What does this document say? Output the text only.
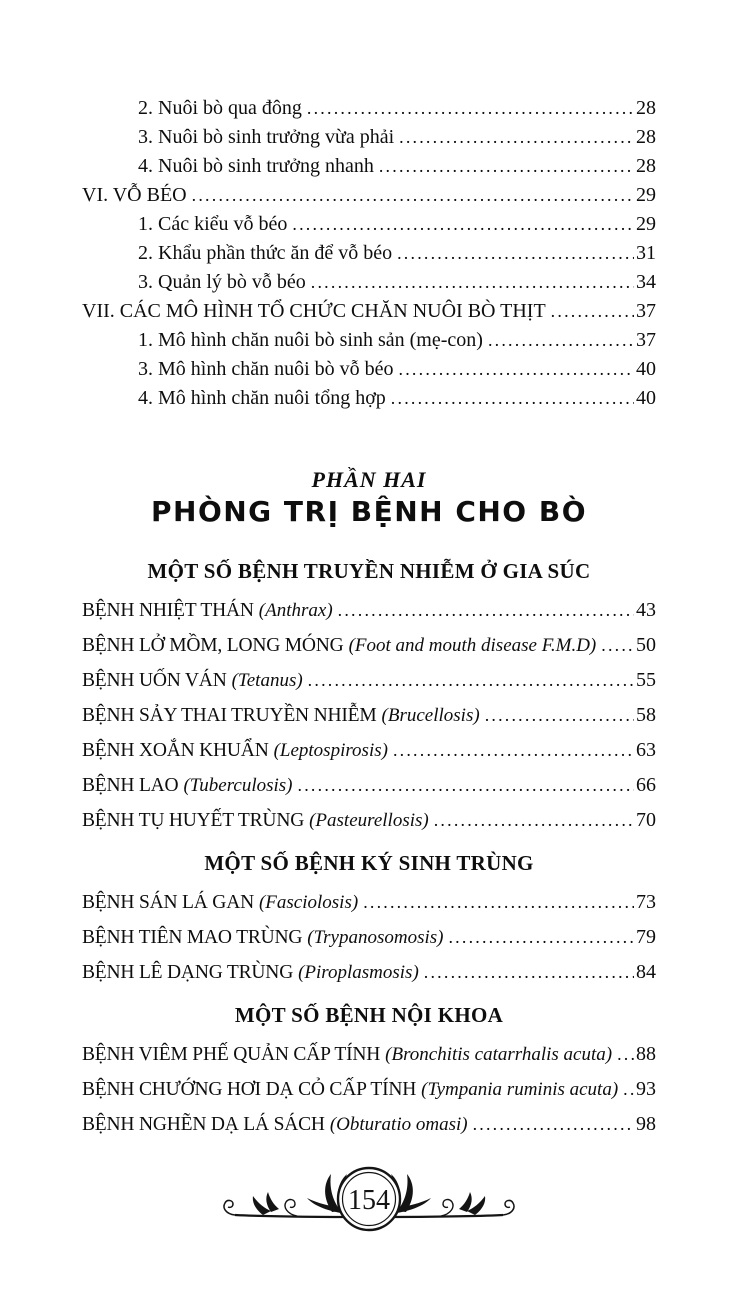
2. Nuôi bò qua đông .....	28
3. Nuôi bò sinh trưởng vừa phải .....	28
4. Nuôi bò sinh trưởng nhanh .....	28
VI. VỖ BÉO .....	29
1. Các kiểu vỗ béo .....	29
2. Khẩu phần thức ăn để vỗ béo .....	31
3. Quản lý bò vỗ béo .....	34
VII. CÁC MÔ HÌNH TỔ CHỨC CHĂN NUÔI BÒ THỊT .....	37
1. Mô hình chăn nuôi bò sinh sản (mẹ-con) .....	37
3. Mô hình chăn nuôi bò vỗ béo .....	40
4. Mô hình chăn nuôi tổng hợp .....	40
PHẦN HAI
PHÒNG TRỊ BỆNH CHO BÒ
MỘT SỐ BỆNH TRUYỀN NHIỄM Ở GIA SÚC
BỆNH NHIỆT THÁN (Anthrax) .....	43
BỆNH LỞ MỒM, LONG MÓNG (Foot and mouth disease F.M.D) ..... 50
BỆNH UỐN VÁN (Tetanus) .....	55
BỆNH SẢY THAI TRUYỀN NHIỄM (Brucellosis) .....	58
BỆNH XOẮN KHUẨN (Leptospirosis) .....	63
BỆNH LAO (Tuberculosis) .....	66
BỆNH TỤ HUYẾT TRÙNG (Pasteurellosis) .....	70
MỘT SỐ BỆNH KÝ SINH TRÙNG
BỆNH SÁN LÁ GAN (Fasciolosis) .....	73
BỆNH TIÊN MAO TRÙNG (Trypanosomosis) .....	79
BỆNH LÊ DẠNG TRÙNG (Piroplasmosis) .....	84
MỘT SỐ BỆNH NỘI KHOA
BỆNH VIÊM PHẾ QUẢN CẤP TÍNH (Bronchitis catarrhalis acuta) ..... 88
BỆNH CHƯỚNG HƠI DẠ CỎ CẤP TÍNH (Tympania ruminis acuta) ..... 93
BỆNH NGHẼN DẠ LÁ SÁCH (Obturatio omasi) .....	98
154
